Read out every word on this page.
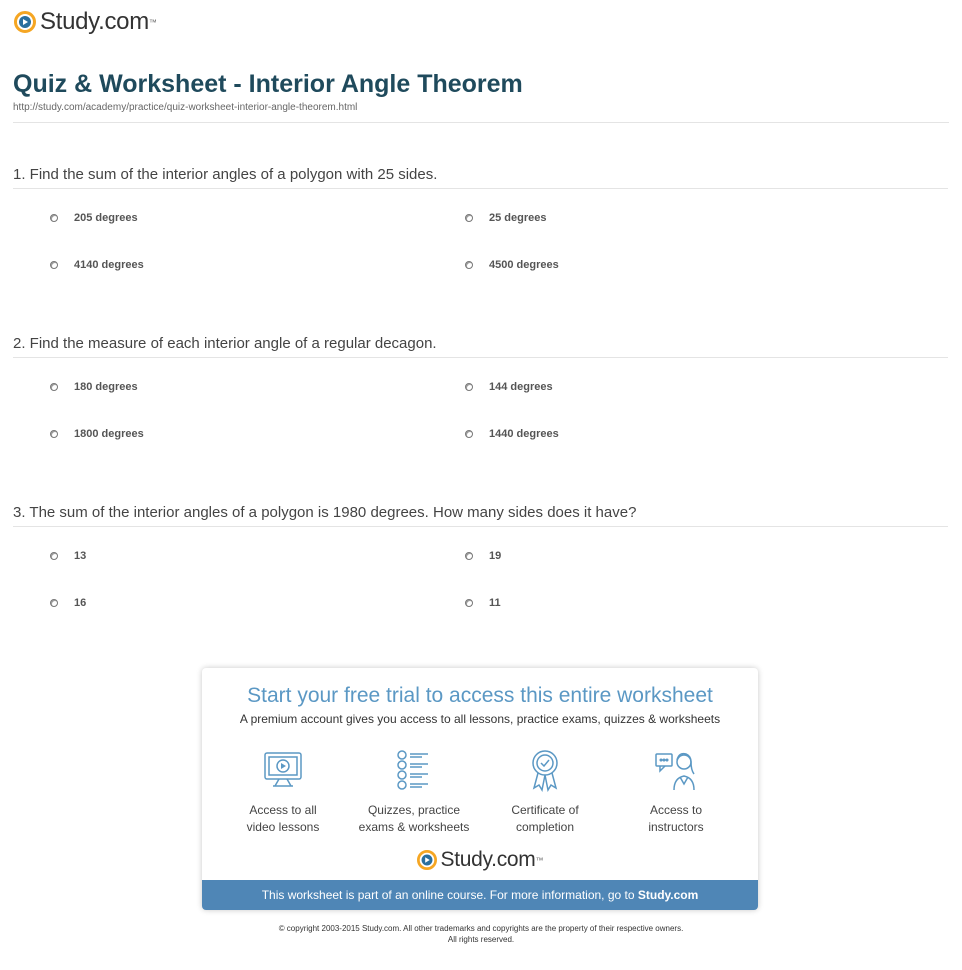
Study.com ™
Quiz & Worksheet - Interior Angle Theorem
http://study.com/academy/practice/quiz-worksheet-interior-angle-theorem.html
1. Find the sum of the interior angles of a polygon with 25 sides.
205 degrees	25 degrees
4140 degrees	4500 degrees
2. Find the measure of each interior angle of a regular decagon.
180 degrees	144 degrees
1800 degrees	1440 degrees
3. The sum of the interior angles of a polygon is 1980 degrees. How many sides does it have?
13	19
16	11
Start your free trial to access this entire worksheet
A premium account gives you access to all lessons, practice exams, quizzes & worksheets
Access to all
video lessons
Quizzes, practice
exams & worksheets
Certificate of
completion
Access to
instructors
Study.com ™
This worksheet is part of an online course. For more information, go to Study.com
© copyright 2003-2015 Study.com. All other trademarks and copyrights are the property of their respective owners.
All rights reserved.
